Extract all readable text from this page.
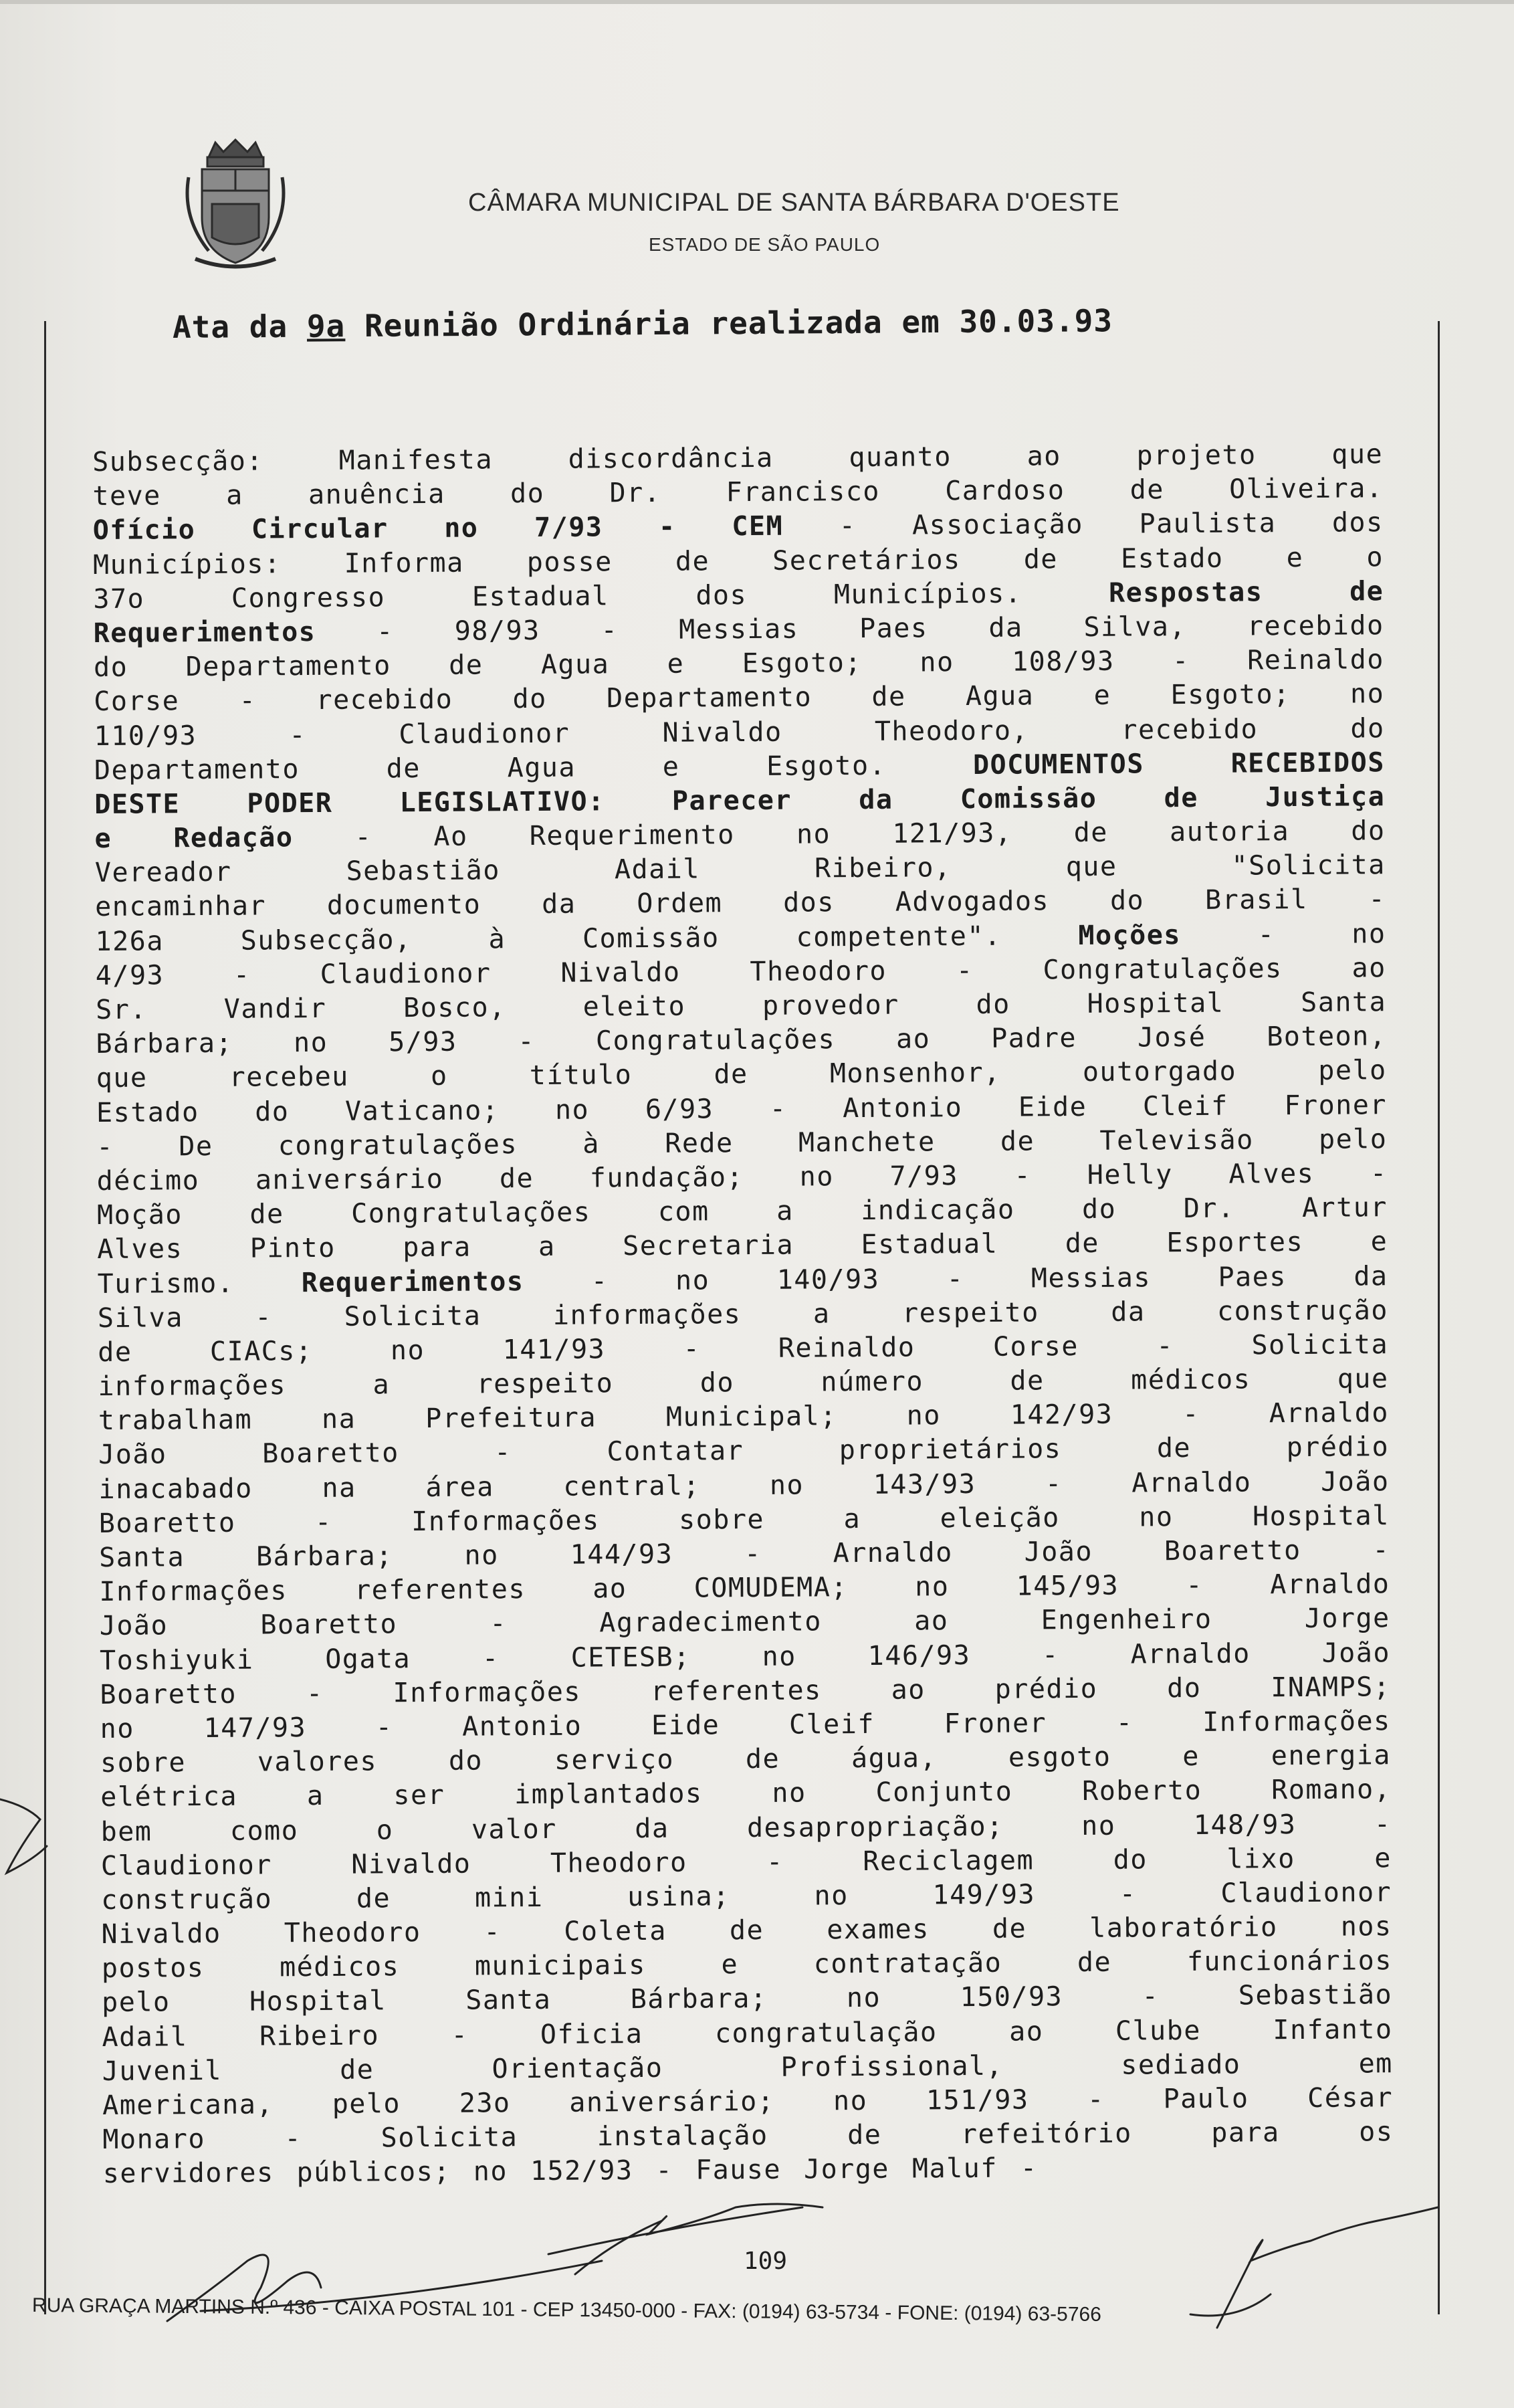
CÂMARA MUNICIPAL DE SANTA BÁRBARA D'OESTE
ESTADO DE SÃO PAULO
Ata da 9a Reunião Ordinária realizada em 30.03.93
Subsecção:	Manifesta	discordância	quanto	ao	projeto	que
teve a anuência do Dr. Francisco Cardoso de Oliveira.
Ofício Circular no 7/93 - CEM - Associação Paulista dos
Municípios: Informa posse de Secretários de Estado e o
37o	Congresso	Estadual	dos	Municípios.	Respostas	de
Requerimentos - 98/93 - Messias Paes da Silva, recebido
do Departamento de Agua e Esgoto; no 108/93 - Reinaldo
Corse - recebido do Departamento de Agua e Esgoto; no
110/93	-	Claudionor	Nivaldo	Theodoro,	recebido	do
Departamento	de	Agua	e	Esgoto.	DOCUMENTOS	RECEBIDOS
DESTE PODER LEGISLATIVO: Parecer da Comissão de Justiça
e Redação - Ao Requerimento no 121/93, de autoria do
Vereador	Sebastião	Adail	Ribeiro,	que	"Solicita
encaminhar documento da Ordem dos Advogados do Brasil -
126a	Subsecção,	à	Comissão	competente".	Moções	-	no
4/93	-	Claudionor	Nivaldo	Theodoro	-	Congratulações	ao
Sr.	Vandir	Bosco,	eleito	provedor	do	Hospital	Santa
Bárbara; no 5/93 - Congratulações ao Padre José Boteon,
que	recebeu	o	título	de	Monsenhor,	outorgado	pelo
Estado do Vaticano; no 6/93 - Antonio Eide Cleif Froner
- De congratulações à Rede Manchete de Televisão pelo
décimo aniversário de fundação; no 7/93 - Helly Alves -
Moção	de	Congratulações	com	a	indicação	do	Dr.	Artur
Alves	Pinto	para	a	Secretaria	Estadual	de	Esportes	e
Turismo.	Requerimentos	-	no	140/93	-	Messias	Paes	da
Silva	-	Solicita	informações	a	respeito	da	construção
de	CIACs;	no	141/93	-	Reinaldo	Corse	-	Solicita
informações	a	respeito	do	número	de	médicos	que
trabalham	na	Prefeitura	Municipal;	no	142/93	-	Arnaldo
João	Boaretto	-	Contatar	proprietários	de	prédio
inacabado	na	área	central;	no	143/93	-	Arnaldo	João
Boaretto	-	Informações	sobre	a	eleição	no	Hospital
Santa	Bárbara;	no	144/93	-	Arnaldo	João	Boaretto	-
Informações referentes ao COMUDEMA; no 145/93 - Arnaldo
João	Boaretto	-	Agradecimento	ao	Engenheiro	Jorge
Toshiyuki	Ogata	-	CETESB;	no	146/93	-	Arnaldo	João
Boaretto	-	Informações	referentes	ao	prédio	do	INAMPS;
no	147/93	-	Antonio	Eide	Cleif	Froner	-	Informações
sobre	valores	do	serviço	de	água,	esgoto	e	energia
elétrica	a	ser	implantados	no	Conjunto	Roberto	Romano,
bem	como	o	valor	da	desapropriação;	no	148/93	-
Claudionor	Nivaldo	Theodoro	-	Reciclagem	do	lixo	e
construção	de	mini	usina;	no	149/93	-	Claudionor
Nivaldo Theodoro - Coleta de exames de laboratório nos
postos	médicos	municipais	e	contratação	de	funcionários
pelo	Hospital	Santa	Bárbara;	no	150/93	-	Sebastião
Adail	Ribeiro	-	Oficia	congratulação	ao	Clube	Infanto
Juvenil	de	Orientação	Profissional,	sediado	em
Americana, pelo 23o aniversário; no 151/93 - Paulo César
Monaro	-	Solicita	instalação	de	refeitório	para	os
servidores públicos; no 152/93 - Fause Jorge Maluf -
109
RUA GRAÇA MARTINS N.º 436 - CAIXA POSTAL 101 - CEP 13450-000 - FAX: (0194) 63-5734 - FONE: (0194) 63-5766
